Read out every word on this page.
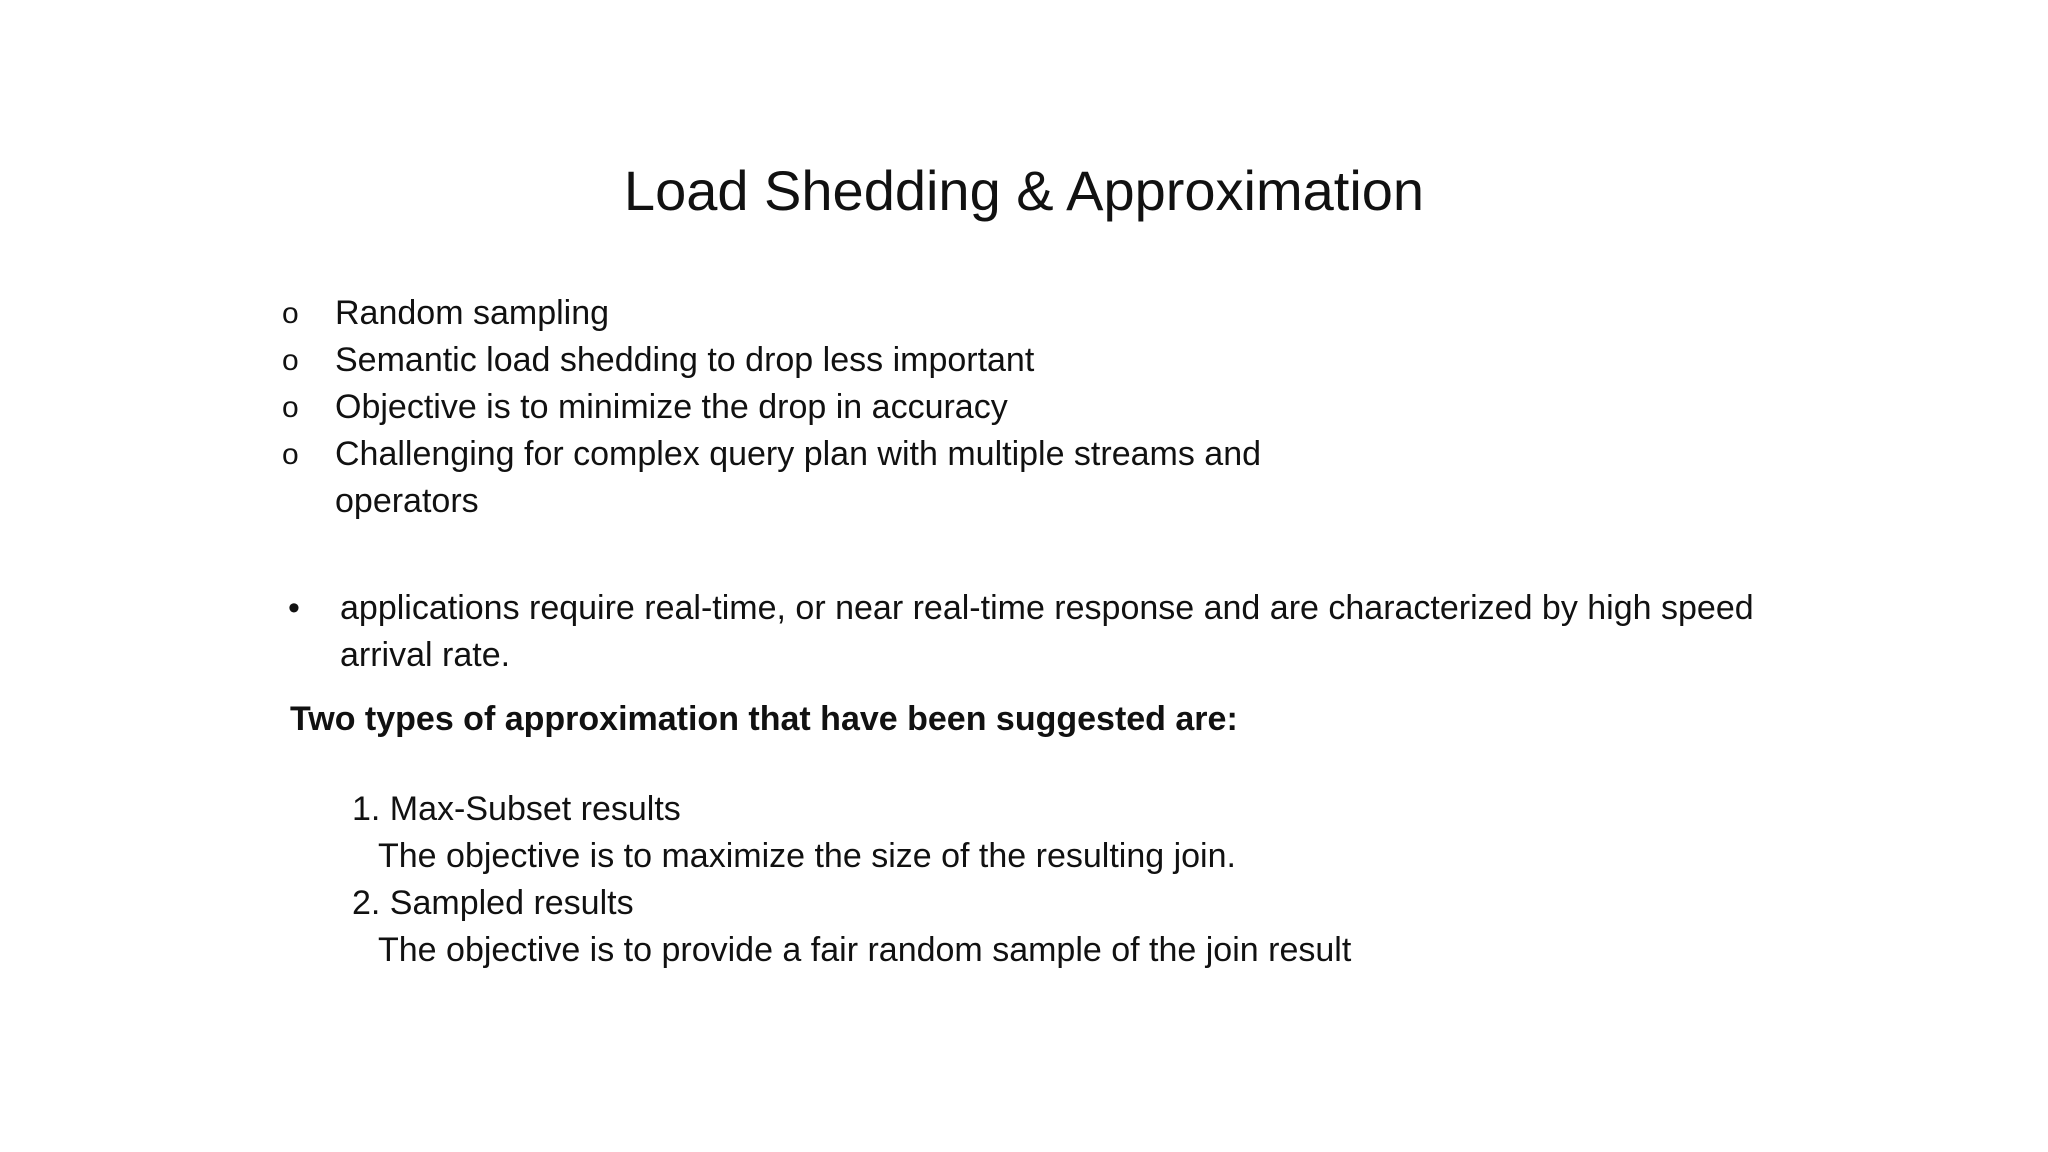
Load Shedding & Approximation
o	Random sampling
o	Semantic load shedding to drop less important
o	Objective is to minimize the drop in accuracy
o	Challenging for complex query plan with multiple streams and operators
•	applications require real-time, or near real-time response and are characterized by high speed arrival rate.

Two types of approximation that have been suggested are:

1. Max-Subset results
The objective is to maximize the size of the resulting join.
2. Sampled results
The objective is to provide a fair random sample of the join result
